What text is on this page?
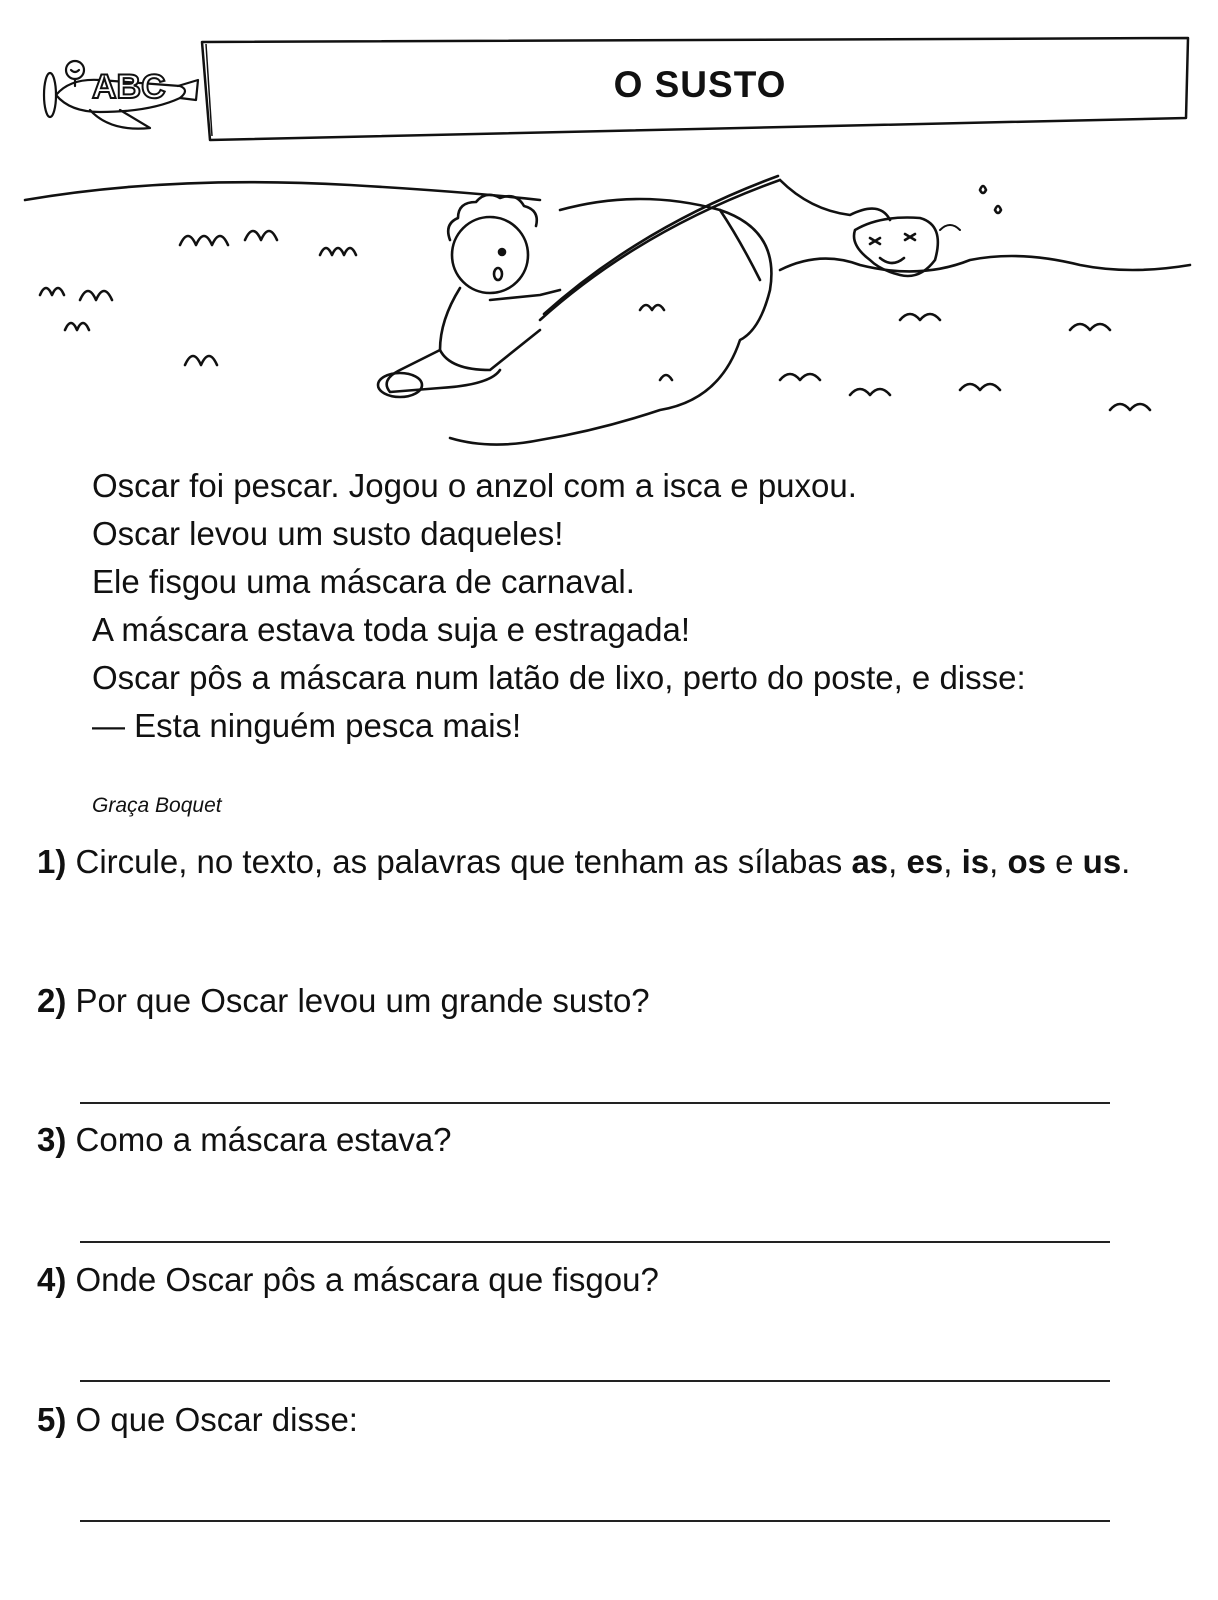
ABC	O SUSTO
Oscar foi pescar. Jogou o anzol com a isca e puxou.
Oscar levou um susto daqueles!
Ele fisgou uma máscara de carnaval.
A máscara estava toda suja e estragada!
Oscar pôs a máscara num latão de lixo, perto do poste, e disse:
— Esta ninguém pesca mais!
Graça Boquet
1) Circule, no texto, as palavras que tenham as sílabas as, es, is, os e us.
2) Por que Oscar levou um grande susto?
3) Como a máscara estava?
4) Onde Oscar pôs a máscara que fisgou?
5) O que Oscar disse:
